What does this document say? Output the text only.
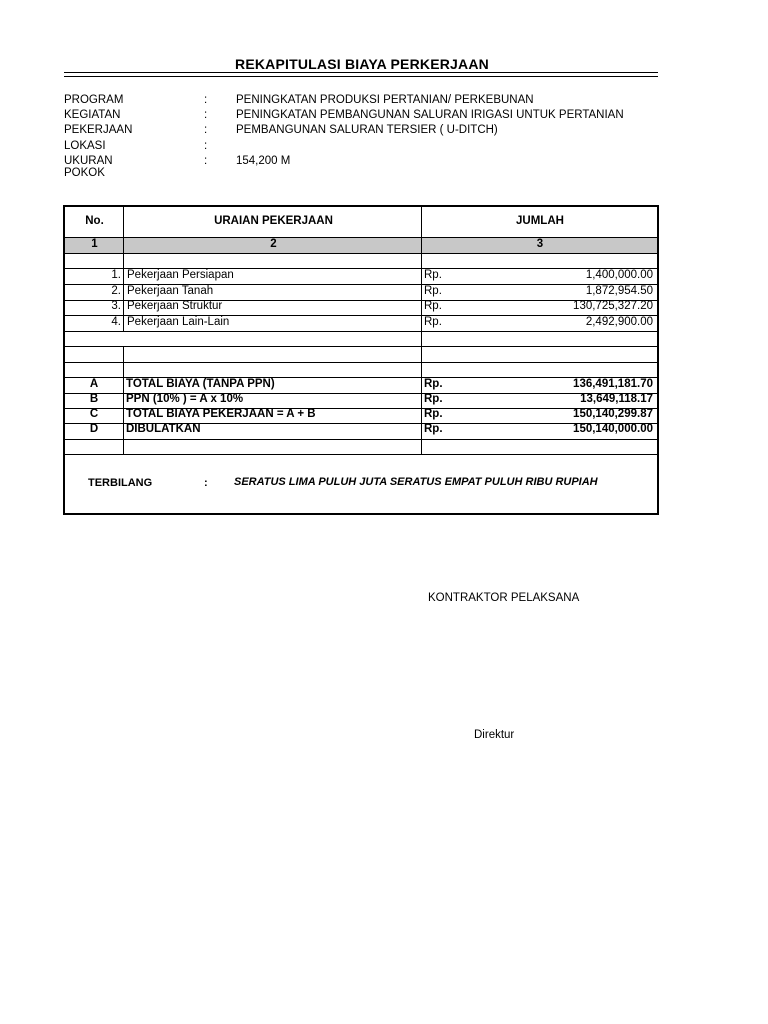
REKAPITULASI BIAYA PERKERJAAN
PROGRAM	:	PENINGKATAN PRODUKSI PERTANIAN/ PERKEBUNAN
KEGIATAN	:	PENINGKATAN PEMBANGUNAN SALURAN IRIGASI UNTUK PERTANIAN
PEKERJAAN	:	PEMBANGUNAN SALURAN TERSIER ( U-DITCH)
LOKASI	:
UKURAN POKOK
:	154,200 M
No.	URAIAN PEKERJAAN	JUMLAH
1	2	3
1. Pekerjaan Persiapan	Rp.	1,400,000.00
2. Pekerjaan Tanah	Rp.	1,872,954.50
3. Pekerjaan Struktur	Rp.	130,725,327.20
4. Pekerjaan Lain-Lain	Rp.	2,492,900.00
A	TOTAL BIAYA (TANPA PPN)	Rp.	136,491,181.70
B	PPN (10% ) = A x 10%	Rp.	13,649,118.17
C	TOTAL BIAYA PEKERJAAN = A + B	Rp.	150,140,299.87
D	DIBULATKAN	Rp.	150,140,000.00
TERBILANG	: SERATUS LIMA PULUH JUTA SERATUS EMPAT PULUH RIBU RUPIAH
KONTRAKTOR PELAKSANA
Direktur
